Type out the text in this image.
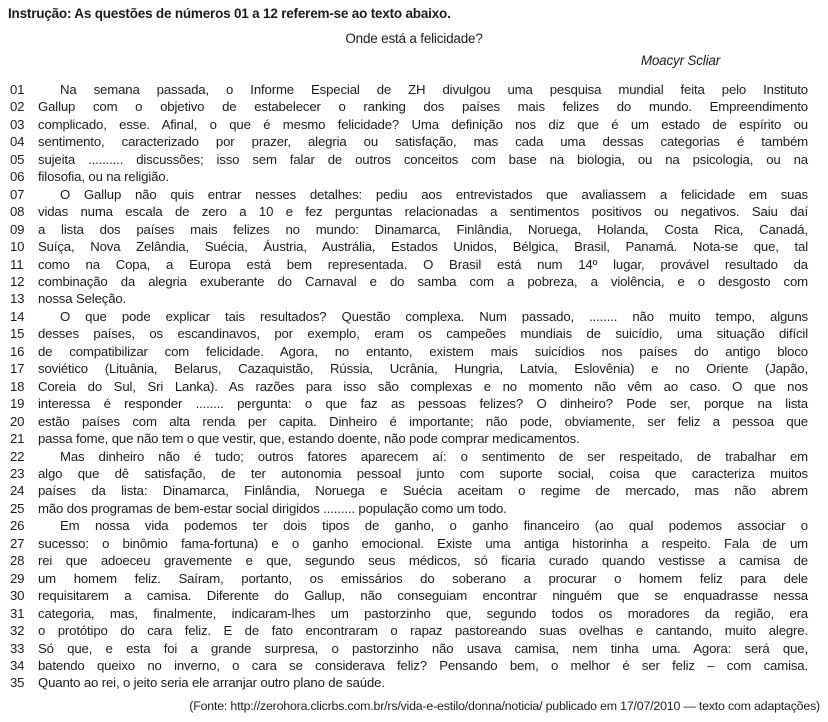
Instrução: As questões de números 01 a 12 referem-se ao texto abaixo.
Onde está a felicidade?
Moacyr Scliar
01	Na semana passada, o Informe Especial de ZH divulgou uma pesquisa mundial feita pelo Instituto
02	Gallup com o objetivo de estabelecer o ranking dos países mais felizes do mundo. Empreendimento
03	complicado, esse. Afinal, o que é mesmo felicidade? Uma definição nos diz que é um estado de espírito ou
04	sentimento, caracterizado por prazer, alegria ou satisfação, mas cada uma dessas categorias é também
05	sujeita .......... discussões; isso sem falar de outros conceitos com base na biologia, ou na psicologia, ou na
06	filosofia, ou na religião.
07	O Gallup não quis entrar nesses detalhes: pediu aos entrevistados que avaliassem a felicidade em suas
08	vidas numa escala de zero a 10 e fez perguntas relacionadas a sentimentos positivos ou negativos. Saiu daí
09	a lista dos países mais felizes no mundo: Dinamarca, Finlândia, Noruega, Holanda, Costa Rica, Canadá,
10	Suíça, Nova Zelândia, Suécia, Áustria, Austrália, Estados Unidos, Bélgica, Brasil, Panamá. Nota-se que, tal
11	como na Copa, a Europa está bem representada. O Brasil está num 14º lugar, provável resultado da
12	combinação da alegria exuberante do Carnaval e do samba com a pobreza, a violência, e o desgosto com
13	nossa Seleção.
14	O que pode explicar tais resultados? Questão complexa. Num passado, ........ não muito tempo, alguns
15	desses países, os escandinavos, por exemplo, eram os campeões mundiais de suicídio, uma situação difícil
16	de compatibilizar com felicidade. Agora, no entanto, existem mais suicídios nos países do antigo bloco
17	soviético (Lituânia, Belarus, Cazaquistão, Rússia, Ucrânia, Hungria, Latvia, Eslovênia) e no Oriente (Japão,
18	Coreia do Sul, Sri Lanka). As razões para isso são complexas e no momento não vêm ao caso. O que nos
19	interessa é responder ........ pergunta: o que faz as pessoas felizes? O dinheiro? Pode ser, porque na lista
20	estão países com alta renda per capita. Dinheiro é importante; não pode, obviamente, ser feliz a pessoa que
21	passa fome, que não tem o que vestir, que, estando doente, não pode comprar medicamentos.
22	Mas dinheiro não é tudo; outros fatores aparecem aí: o sentimento de ser respeitado, de trabalhar em
23	algo que dê satisfação, de ter autonomia pessoal junto com suporte social, coisa que caracteriza muitos
24	países da lista: Dinamarca, Finlândia, Noruega e Suécia aceitam o regime de mercado, mas não abrem
25	mão dos programas de bem-estar social dirigidos ......... população como um todo.
26	Em nossa vida podemos ter dois tipos de ganho, o ganho financeiro (ao qual podemos associar o
27	sucesso: o binômio fama-fortuna) e o ganho emocional. Existe uma antiga historinha a respeito. Fala de um
28	rei que adoeceu gravemente e que, segundo seus médicos, só ficaria curado quando vestisse a camisa de
29	um homem feliz. Saíram, portanto, os emissários do soberano a procurar o homem feliz para dele
30	requisitarem a camisa. Diferente do Gallup, não conseguiam encontrar ninguém que se enquadrasse nessa
31	categoria, mas, finalmente, indicaram-lhes um pastorzinho que, segundo todos os moradores da região, era
32	o protótipo do cara feliz. E de fato encontraram o rapaz pastoreando suas ovelhas e cantando, muito alegre.
33	Só que, e esta foi a grande surpresa, o pastorzinho não usava camisa, nem tinha uma. Agora: será que,
34	batendo queixo no inverno, o cara se considerava feliz? Pensando bem, o melhor é ser feliz – com camisa.
35	Quanto ao rei, o jeito seria ele arranjar outro plano de saúde.
(Fonte: http://zerohora.clicrbs.com.br/rs/vida-e-estilo/donna/noticia/ publicado em 17/07/2010 — texto com adaptações)
